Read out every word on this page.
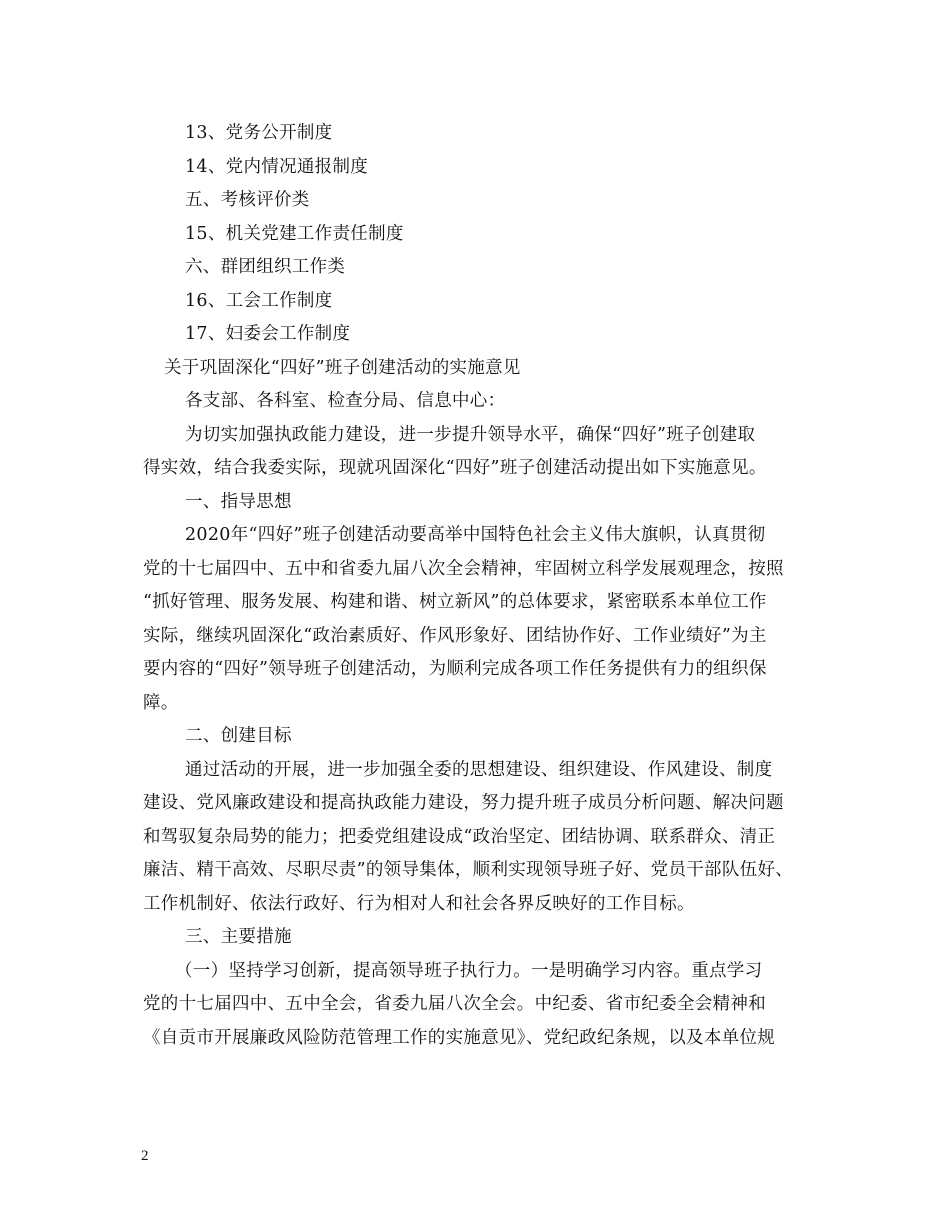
13、党务公开制度
14、党内情况通报制度
五、考核评价类
15、机关党建工作责任制度
六、群团组织工作类
16、工会工作制度
17、妇委会工作制度
关于巩固深化“四好”班子创建活动的实施意见
各支部、各科室、检查分局、信息中心：
为切实加强执政能力建设，进一步提升领导水平，确保“四好”班子创建取
得实效，结合我委实际，现就巩固深化“四好”班子创建活动提出如下实施意见。
一、指导思想
2020年“四好”班子创建活动要高举中国特色社会主义伟大旗帜，认真贯彻
党的十七届四中、五中和省委九届八次全会精神，牢固树立科学发展观理念，按照
“抓好管理、服务发展、构建和谐、树立新风”的总体要求，紧密联系本单位工作
实际，继续巩固深化“政治素质好、作风形象好、团结协作好、工作业绩好”为主
要内容的“四好”领导班子创建活动，为顺利完成各项工作任务提供有力的组织保
障。
二、创建目标
通过活动的开展，进一步加强全委的思想建设、组织建设、作风建设、制度
建设、党风廉政建设和提高执政能力建设，努力提升班子成员分析问题、解决问题
和驾驭复杂局势的能力；把委党组建设成“政治坚定、团结协调、联系群众、清正
廉洁、精干高效、尽职尽责”的领导集体，顺利实现领导班子好、党员干部队伍好、
工作机制好、依法行政好、行为相对人和社会各界反映好的工作目标。
三、主要措施
（一）坚持学习创新，提高领导班子执行力。一是明确学习内容。重点学习
党的十七届四中、五中全会，省委九届八次全会。中纪委、省市纪委全会精神和
《自贡市开展廉政风险防范管理工作的实施意见》、党纪政纪条规，以及本单位规
2
